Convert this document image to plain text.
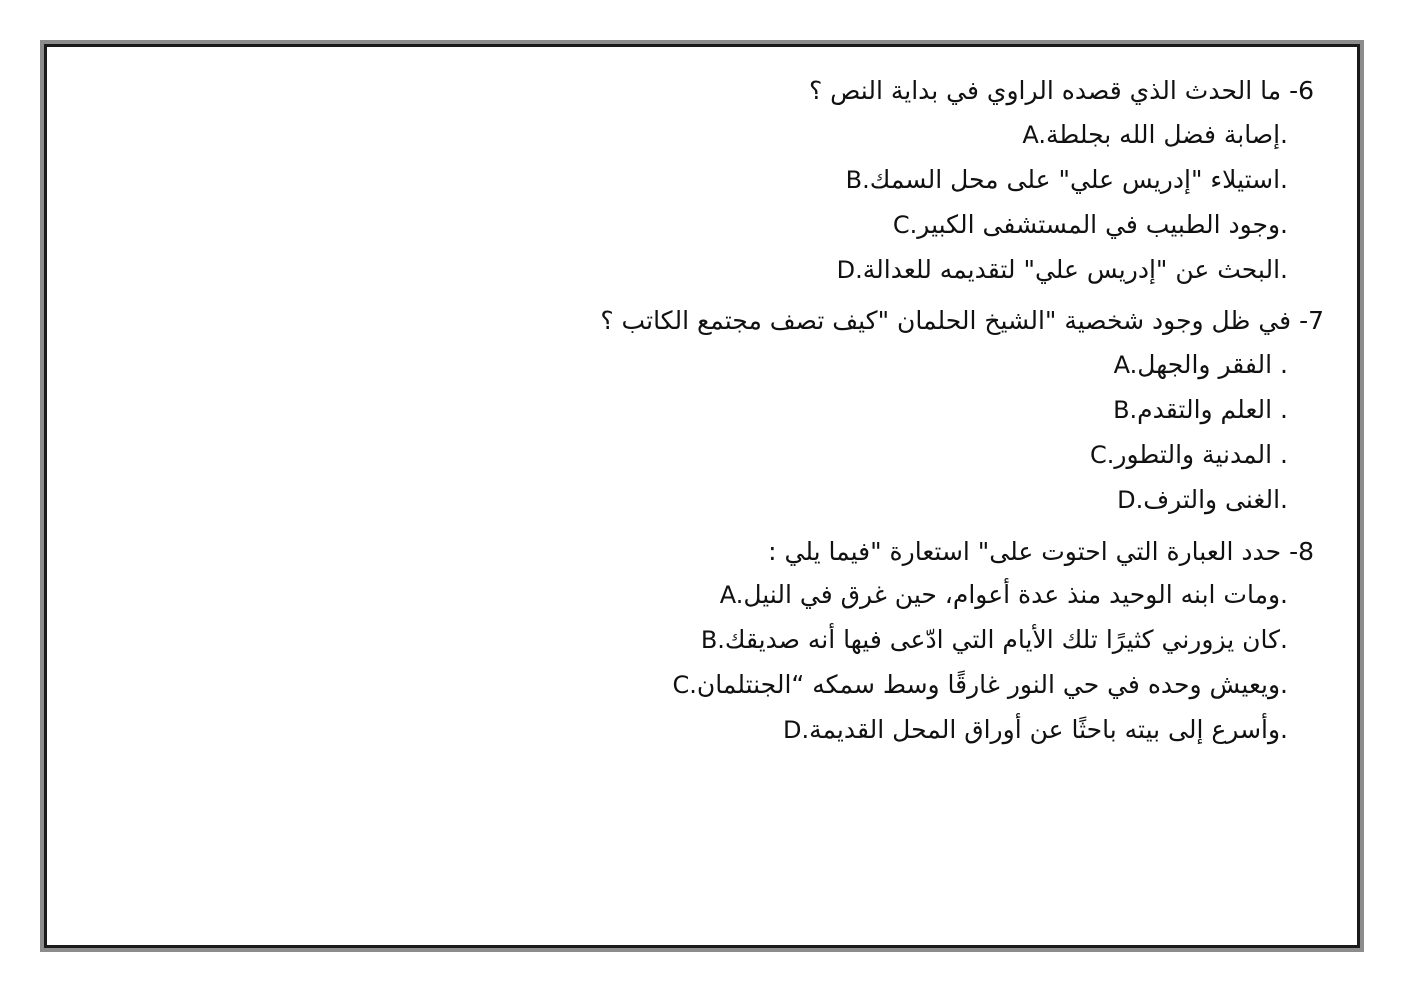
6- ما الحدث الذي قصده الراوي في بداية النص ؟
A.إصابة فضل الله بجلطة.
B.استيلاء "إدريس علي" على محل السمك.
C.وجود الطبيب في المستشفى الكبير.
D.البحث عن "إدريس علي" لتقديمه للعدالة.
7- في ظل وجود شخصية "الشيخ الحلمان "كيف تصف مجتمع الكاتب ؟
A.الفقر والجهل .
B.العلم والتقدم .
C.المدنية والتطور .
D.الغنى والترف.
8- حدد العبارة التي احتوت على" استعارة "فيما يلي :
A.ومات ابنه الوحيد منذ عدة أعوام، حين غرق في النيل.
B.كان يزورني كثيرًا تلك الأيام التي ادّعى فيها أنه صديقك.
C.ويعيش وحده في حي النور غارقًا وسط سمكه “الجنتلمان.
D.وأسرع إلى بيته باحثًا عن أوراق المحل القديمة.
